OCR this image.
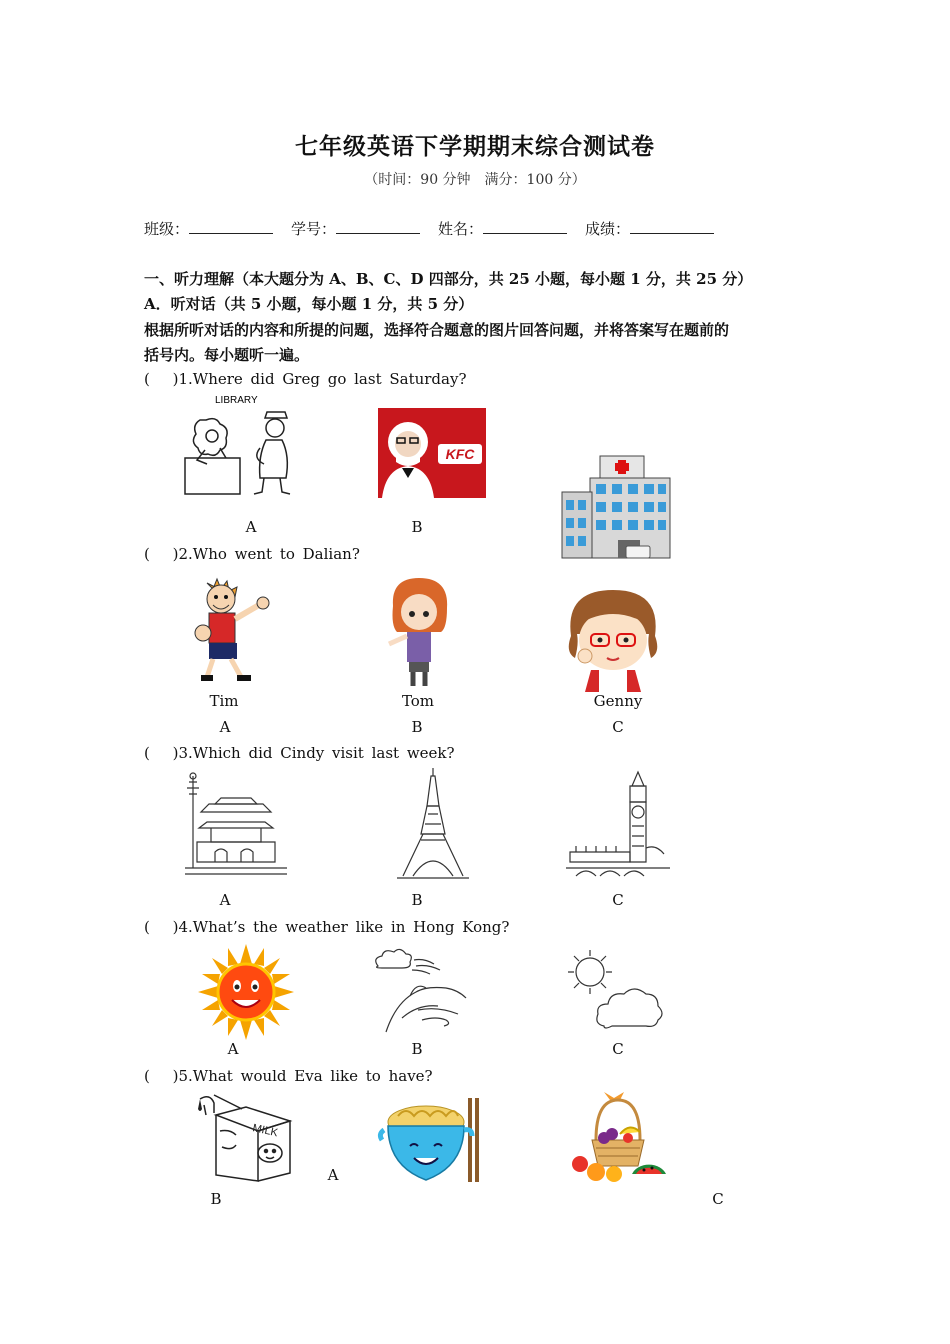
七年级英语下学期期末综合测试卷
（时间：90 分钟　满分：100 分）
班级：	学号：	姓名：	成绩：
一、听力理解（本大题分为 A、B、C、D 四部分，共 25 小题，每小题 1 分，共 25 分）
A．听对话（共 5 小题，每小题 1 分，共 5 分）
根据所听对话的内容和所提的问题，选择符合题意的图片回答问题，并将答案写在题前的
括号内。每小题听一遍。
(　 )1.Where did Greg go last Saturday?
LIBRARY
KFC
A	B
(　 )2.Who went to Dalian?
Tim	Tom	Genny
A	B	C
(　 )3.Which did Cindy visit last week?
A	B	C
(　 )4.What’s the weather like in Hong Kong?
A	B	C
(　 )5.What would Eva like to have?
MILK
A
B	C
